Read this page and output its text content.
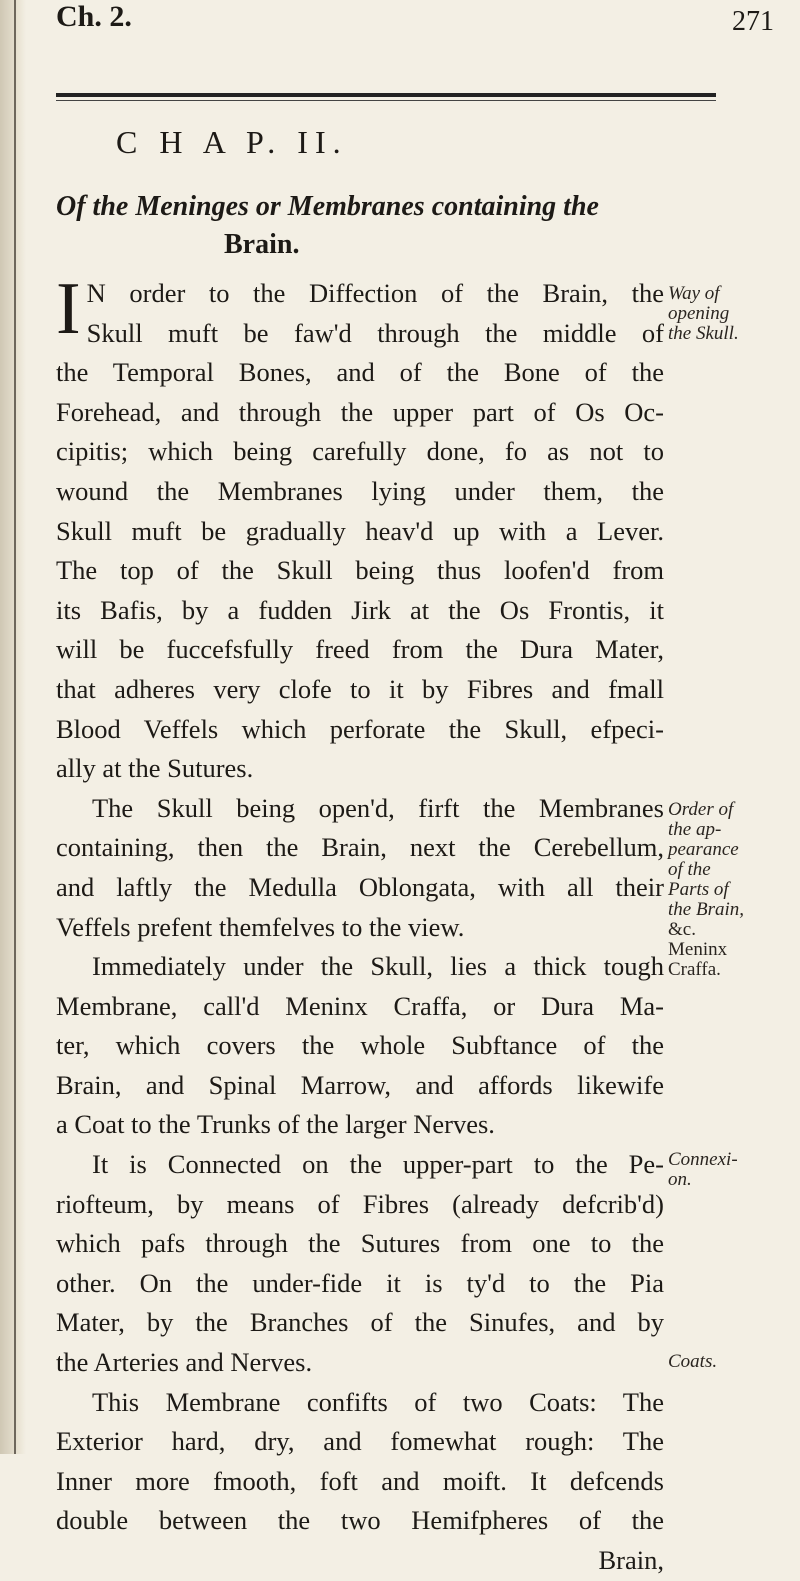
Ch. 2.	271
C H A P. II.
Of the Meninges or Membranes containing the
Brain.
I N order to the Diffection of the Brain, the
Skull muft be faw'd through the middle of
the Temporal Bones, and of the Bone of the
Forehead, and through the upper part of Os Oc-
cipitis; which being carefully done, fo as not to
wound the Membranes lying under them, the
Skull muft be gradually heav'd up with a Lever.
The top of the Skull being thus loofen'd from
its Bafis, by a fudden Jirk at the Os Frontis, it
will be fuccefsfully freed from the Dura Mater,
that adheres very clofe to it by Fibres and fmall
Blood Veffels which perforate the Skull, efpeci-
ally at the Sutures.
The Skull being open'd, firft the Membranes
containing, then the Brain, next the Cerebellum,
and laftly the Medulla Oblongata, with all their
Veffels prefent themfelves to the view.
Immediately under the Skull, lies a thick tough
Membrane, call'd Meninx Craffa, or Dura Ma-
ter, which covers the whole Subftance of the
Brain, and Spinal Marrow, and affords likewife
a Coat to the Trunks of the larger Nerves.
It is Connected on the upper-part to the Pe-
riofteum, by means of Fibres (already defcrib'd)
which pafs through the Sutures from one to the
other. On the under-fide it is ty'd to the Pia
Mater, by the Branches of the Sinufes, and by
the Arteries and Nerves.
This Membrane confifts of two Coats: The
Exterior hard, dry, and fomewhat rough: The
Inner more fmooth, foft and moift. It defcends
double between the two Hemifpheres of the
Brain,
Way of
opening
the Skull.
Order of
the ap-
pearance
of the
Parts of
the Brain,
&c.
Meninx
Craffa.
Connexi-
on.
Coats.
